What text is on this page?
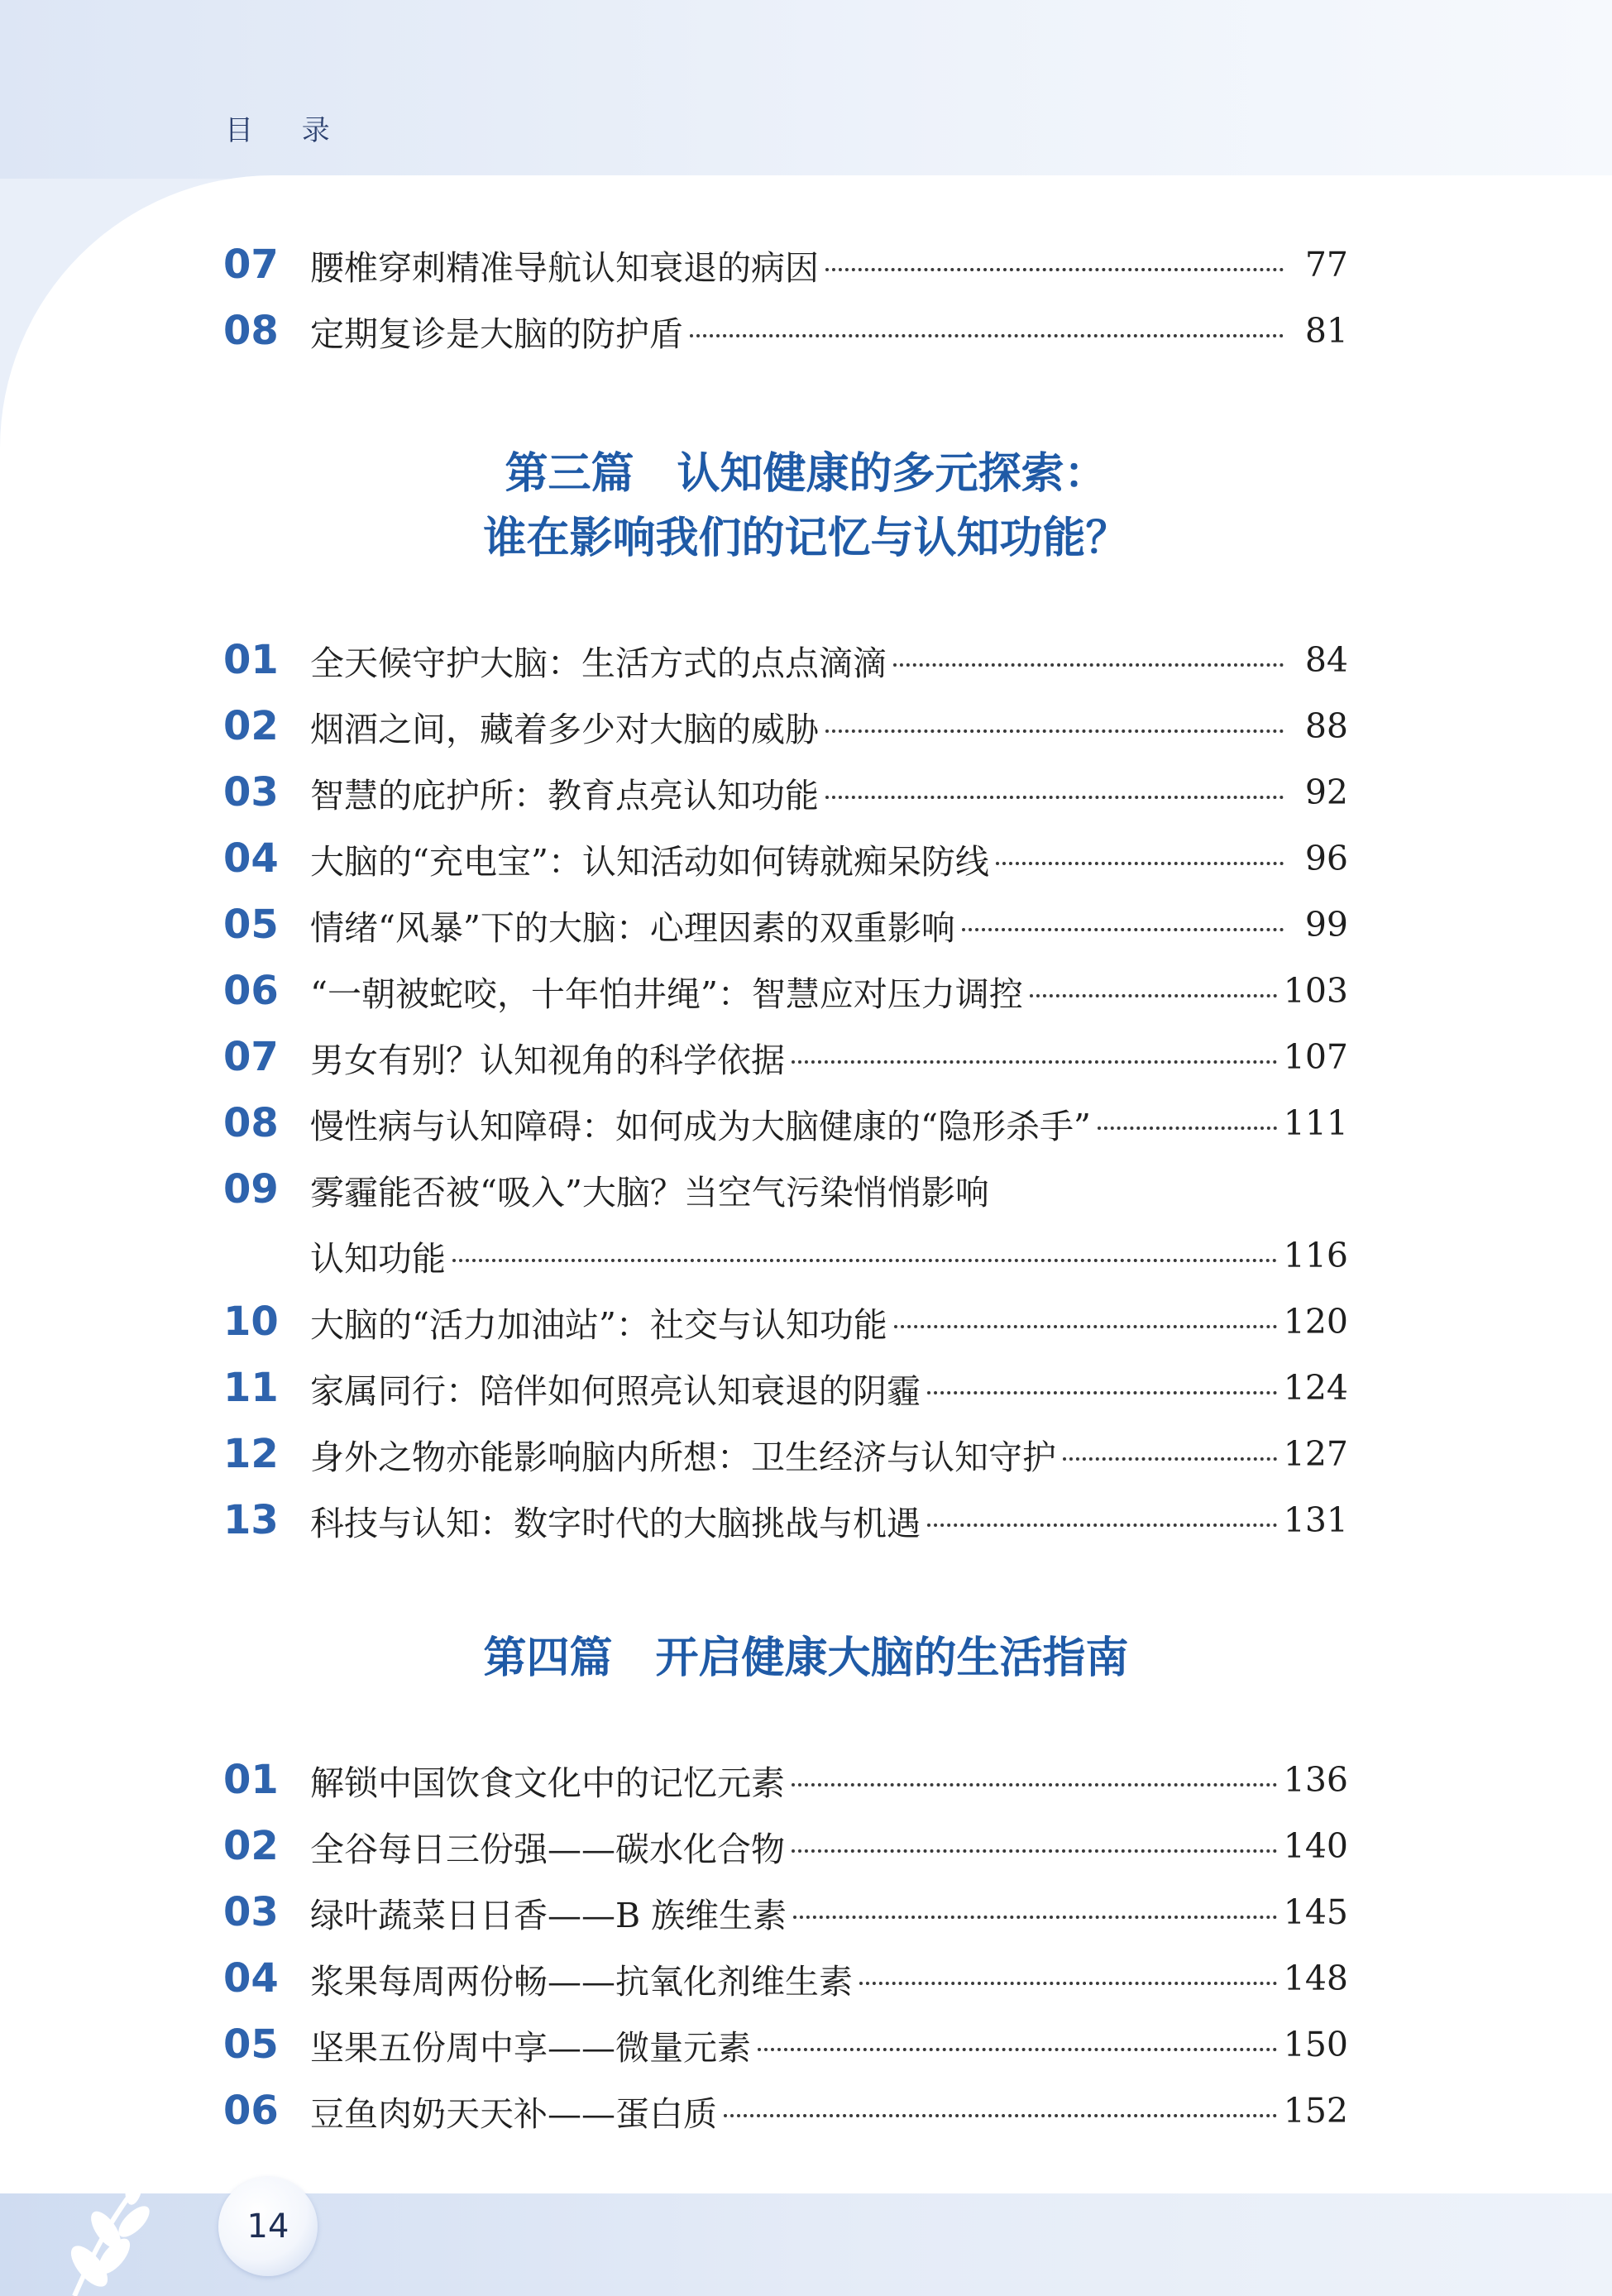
目 录
07 腰椎穿刺精准导航认知衰退的病因	77
08 定期复诊是大脑的防护盾	81
第三篇　认知健康的多元探索：
谁在影响我们的记忆与认知功能？
01 全天候守护大脑：生活方式的点点滴滴	84
02 烟酒之间，藏着多少对大脑的威胁	88
03 智慧的庇护所：教育点亮认知功能	92
04 大脑的“充电宝”：认知活动如何铸就痴呆防线	96
05 情绪“风暴”下的大脑：心理因素的双重影响	99
06 “一朝被蛇咬，十年怕井绳”：智慧应对压力调控	103
07 男女有别？认知视角的科学依据	107
08 慢性病与认知障碍：如何成为大脑健康的“隐形杀手”	111
09 雾霾能否被“吸入”大脑？当空气污染悄悄影响
认知功能	116
10 大脑的“活力加油站”：社交与认知功能	120
11 家属同行：陪伴如何照亮认知衰退的阴霾	124
12 身外之物亦能影响脑内所想：卫生经济与认知守护	127
13 科技与认知：数字时代的大脑挑战与机遇	131
第四篇　开启健康大脑的生活指南
01 解锁中国饮食文化中的记忆元素	136
02 全谷每日三份强——碳水化合物	140
03 绿叶蔬菜日日香——B 族维生素	145
04 浆果每周两份畅——抗氧化剂维生素	148
05 坚果五份周中享——微量元素	150
06 豆鱼肉奶天天补——蛋白质	152
14
